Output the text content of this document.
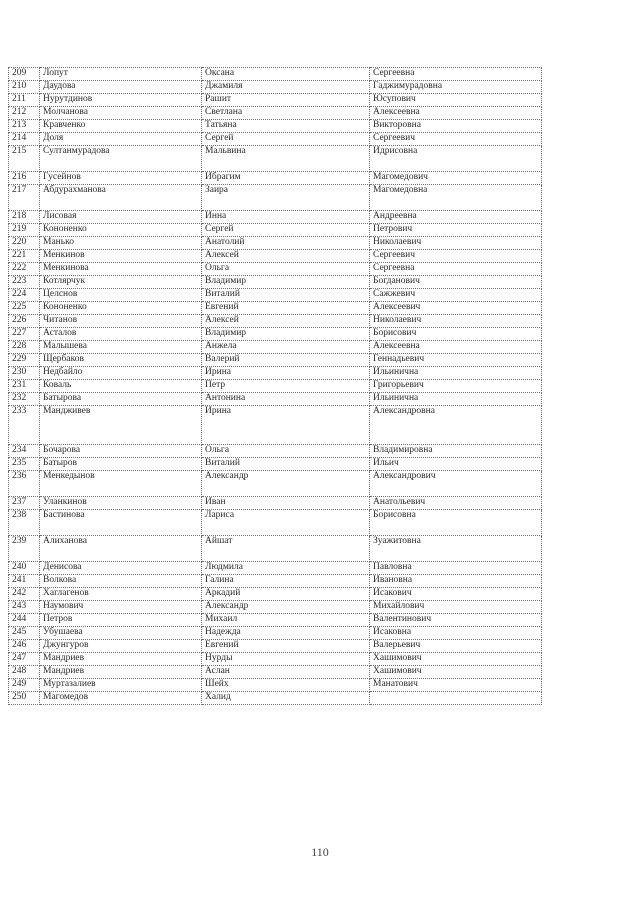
209	Лопут	Оксана	Сергеевна
210	Даудова	Джамиля	Гаджимурадовна
211	Нурутдинов	Рашит	Юсупович
212	Молчанова	Светлана	Алексеевна
213	Кравченко	Татьяна	Викторовна
214	Доля	Сергей	Сергеевич
215	Султанмурадова	Мальвина	Идрисовна
216	Гусейнов	Ибрагим	Магомедович
217	Абдурахманова	Заира	Магомедовна
218	Лисовая	Инна	Андреевна
219	Кононенко	Сергей	Петрович
220	Манько	Анатолий	Николаевич
221	Менкинов	Алексей	Сергеевич
222	Менкинова	Ольга	Сергеевна
223	Котлярчук	Владимир	Богданович
224	Целснов	Виталий	Сажжевич
225	Кононенко	Евгений	Алексеевич
226	Читанов	Алексей	Николаевич
227	Асталов	Владимир	Борисович
228	Малышева	Анжела	Алексеевна
229	Щербаков	Валерий	Геннадьевич
230	Недбайло	Ирина	Ильинична
231	Коваль	Петр	Григорьевич
232	Батырова	Антонина	Ильинична
233	Мандживев	Ирина	Александровна
234	Бочарова	Ольга	Владимировна
235	Батыров	Виталий	Ильич
236	Менкедынов	Александр	Александрович
237	Уланкинов	Иван	Анатольевич
238	Бастинова	Лариса	Борисовна
239	Алиханова	Айшат	Зуажитовна
240	Денисова	Людмила	Павловна
241	Волкова	Галина	Ивановна
242	Хаглагенов	Аркадий	Исакович
243	Наумович	Александр	Михайлович
244	Петров	Михаил	Валентинович
245	Убушаева	Надежда	Исаковна
246	Джунгуров	Евгений	Валерьевич
247	Мандриев	Нурды	Хашимович
248	Мандриев	Аслан	Хашимович
249	Муртазалиев	Шейх	Манатович
250	Магомедов	Халид	
110
